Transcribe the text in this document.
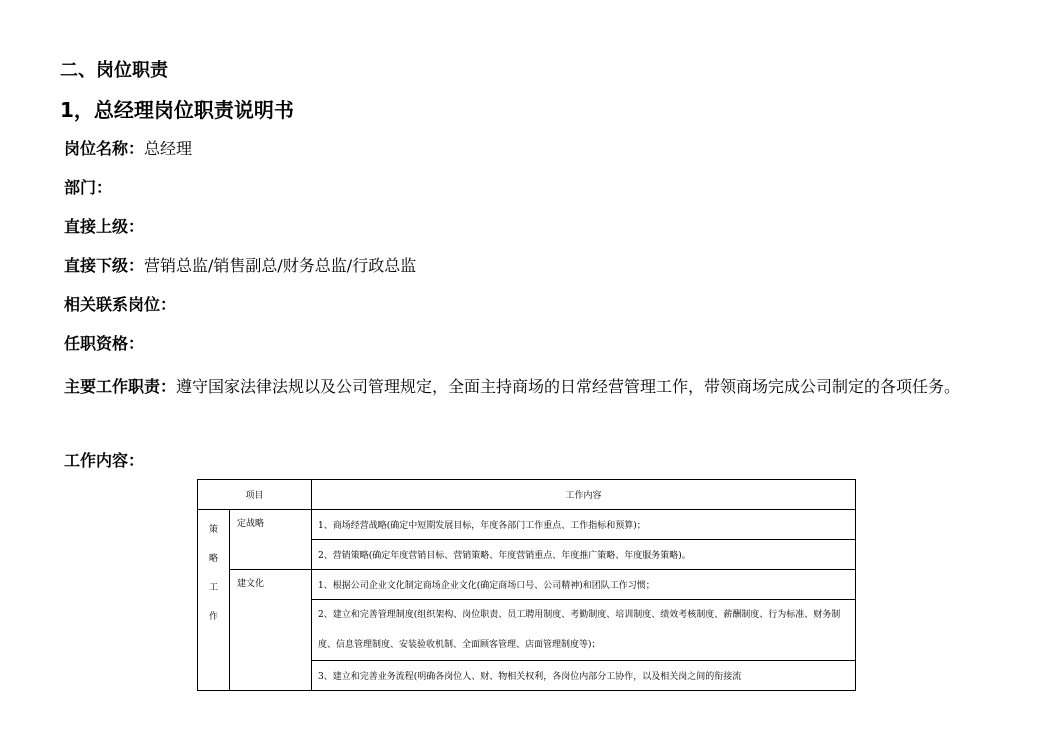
二、岗位职责
1，总经理岗位职责说明书
岗位名称：总经理
部门：
直接上级：
直接下级：营销总监/销售副总/财务总监/行政总监
相关联系岗位：
任职资格：
主要工作职责：遵守国家法律法规以及公司管理规定，全面主持商场的日常经营管理工作，带领商场完成公司制定的各项任务。
工作内容：
项目		工作内容

策
略
工
作	定战略	1、商场经营战略(确定中短期发展目标，年度各部门工作重点、工作指标和预算)；
		2、营销策略(确定年度营销目标、营销策略、年度营销重点、年度推广策略、年度服务策略)。
	建文化	1、根据公司企业文化制定商场企业文化(确定商场口号、公司精神)和团队工作习惯；
		2、建立和完善管理制度(组织架构、岗位职责、员工聘用制度、考勤制度、培训制度、绩效考核制度、薪酬制度、行为标准、财务制度、信息管理制度、安装验收机制、全面顾客管理、店面管理制度等)；
		3、建立和完善业务流程(明确各岗位人、财、物相关权利，各岗位内部分工协作，以及相关岗之间的衔接流
